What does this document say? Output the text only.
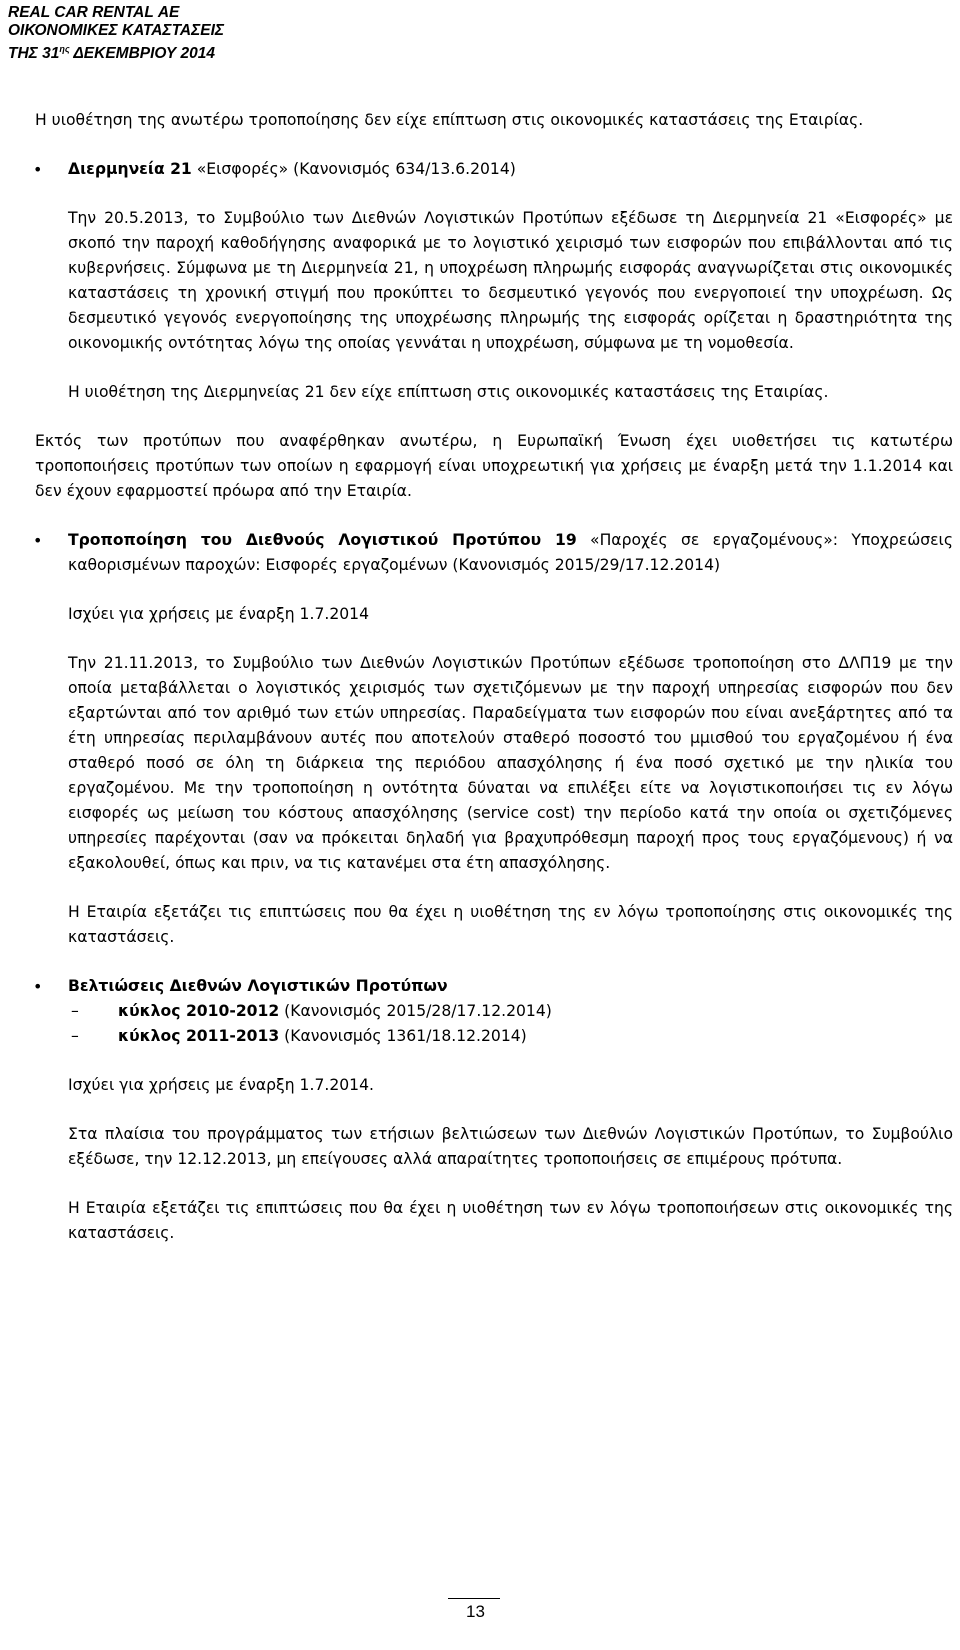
REAL CAR RENTAL ΑΕ
ΟΙΚΟΝΟΜΙΚΕΣ ΚΑΤΑΣΤΑΣΕΙΣ
ΤΗΣ $31^{\eta\varsigma}$ ΔΕΚΕΜΒΡΙΟΥ 2014

Η υιοθέτηση της ανωτέρω τροποποίησης δεν είχε επίπτωση στις οικονομικές καταστάσεις της Εταιρίας.

• Διερμηνεία 21 «Εισφορές» (Κανονισμός 634/13.6.2014)

Την 20.5.2013, το Συμβούλιο των Διεθνών Λογιστικών Προτύπων εξέδωσε τη Διερμηνεία 21 «Εισφορές» με σκοπό την παροχή καθοδήγησης αναφορικά με το λογιστικό χειρισμό των εισφορών που επιβάλλονται από τις κυβερνήσεις. Σύμφωνα με τη Διερμηνεία 21, η υποχρέωση πληρωμής εισφοράς αναγνωρίζεται στις οικονομικές καταστάσεις τη χρονική στιγμή που προκύπτει το δεσμευτικό γεγονός που ενεργοποιεί την υποχρέωση. Ως δεσμευτικό γεγονός ενεργοποίησης της υποχρέωσης πληρωμής της εισφοράς ορίζεται η δραστηριότητα της οικονομικής οντότητας λόγω της οποίας γεννάται η υποχρέωση, σύμφωνα με τη νομοθεσία.

Η υιοθέτηση της Διερμηνείας 21 δεν είχε επίπτωση στις οικονομικές καταστάσεις της Εταιρίας.

Εκτός των προτύπων που αναφέρθηκαν ανωτέρω, η Ευρωπαϊκή Ένωση έχει υιοθετήσει τις κατωτέρω τροποποιήσεις προτύπων των οποίων η εφαρμογή είναι υποχρεωτική για χρήσεις με έναρξη μετά την 1.1.2014 και δεν έχουν εφαρμοστεί πρόωρα από την Εταιρία.

• Τροποποίηση του Διεθνούς Λογιστικού Προτύπου 19 «Παροχές σε εργαζομένους»: Υποχρεώσεις καθορισμένων παροχών: Εισφορές εργαζομένων (Κανονισμός 2015/29/17.12.2014)

Ισχύει για χρήσεις με έναρξη 1.7.2014

Την 21.11.2013, το Συμβούλιο των Διεθνών Λογιστικών Προτύπων εξέδωσε τροποποίηση στο ΔΛΠ19 με την οποία μεταβάλλεται ο λογιστικός χειρισμός των σχετιζόμενων με την παροχή υπηρεσίας εισφορών που δεν εξαρτώνται από τον αριθμό των ετών υπηρεσίας. Παραδείγματα των εισφορών που είναι ανεξάρτητες από τα έτη υπηρεσίας περιλαμβάνουν αυτές που αποτελούν σταθερό ποσοστό του μμισθού του εργαζομένου ή ένα σταθερό ποσό σε όλη τη διάρκεια της περιόδου απασχόλησης ή ένα ποσό σχετικό με την ηλικία του εργαζομένου. Με την τροποποίηση η οντότητα δύναται να επιλέξει είτε να λογιστικοποιήσει τις εν λόγω εισφορές ως μείωση του κόστους απασχόλησης (service cost) την περίοδο κατά την οποία οι σχετιζόμενες υπηρεσίες παρέχονται (σαν να πρόκειται δηλαδή για βραχυπρόθεσμη παροχή προς τους εργαζόμενους) ή να εξακολουθεί, όπως και πριν, να τις κατανέμει στα έτη απασχόλησης.

Η Εταιρία εξετάζει τις επιπτώσεις που θα έχει η υιοθέτηση της εν λόγω τροποποίησης στις οικονομικές της καταστάσεις.

• Βελτιώσεις Διεθνών Λογιστικών Προτύπων

–	κύκλος 2010-2012 (Κανονισμός 2015/28/17.12.2014)
–	κύκλος 2011-2013 (Κανονισμός 1361/18.12.2014)

Ισχύει για χρήσεις με έναρξη 1.7.2014.

Στα πλαίσια του προγράμματος των ετήσιων βελτιώσεων των Διεθνών Λογιστικών Προτύπων, το Συμβούλιο εξέδωσε, την 12.12.2013, μη επείγουσες αλλά απαραίτητες τροποποιήσεις σε επιμέρους πρότυπα.

Η Εταιρία εξετάζει τις επιπτώσεις που θα έχει η υιοθέτηση των εν λόγω τροποποιήσεων στις οικονομικές της καταστάσεις.

13
